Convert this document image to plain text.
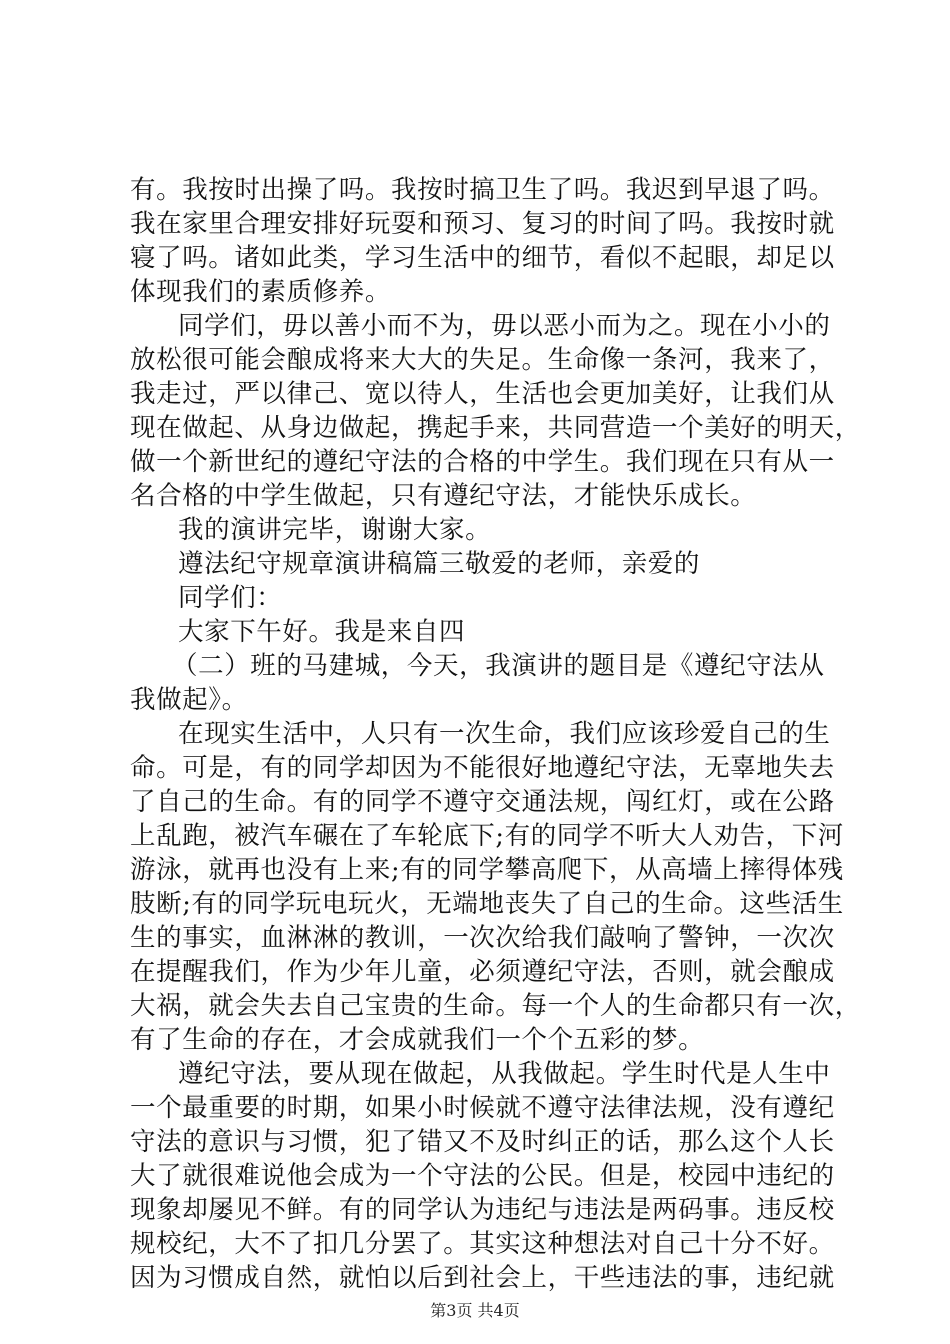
有。我按时出操了吗。我按时搞卫生了吗。我迟到早退了吗。
我在家里合理安排好玩耍和预习、复习的时间了吗。我按时就
寝了吗。诸如此类，学习生活中的细节，看似不起眼，却足以
体现我们的素质修养。
同学们，毋以善小而不为，毋以恶小而为之。现在小小的
放松很可能会酿成将来大大的失足。生命像一条河，我来了，
我走过，严以律己、宽以待人，生活也会更加美好，让我们从
现在做起、从身边做起，携起手来，共同营造一个美好的明天，
做一个新世纪的遵纪守法的合格的中学生。我们现在只有从一
名合格的中学生做起，只有遵纪守法，才能快乐成长。
我的演讲完毕，谢谢大家。
遵法纪守规章演讲稿篇三敬爱的老师，亲爱的
同学们：
大家下午好。我是来自四
（二）班的马建城，今天，我演讲的题目是《遵纪守法从
我做起》。
在现实生活中，人只有一次生命，我们应该珍爱自己的生
命。可是，有的同学却因为不能很好地遵纪守法，无辜地失去
了自己的生命。有的同学不遵守交通法规，闯红灯，或在公路
上乱跑，被汽车碾在了车轮底下;有的同学不听大人劝告，下河
游泳，就再也没有上来;有的同学攀高爬下，从高墙上摔得体残
肢断;有的同学玩电玩火，无端地丧失了自己的生命。这些活生
生的事实，血淋淋的教训，一次次给我们敲响了警钟，一次次
在提醒我们，作为少年儿童，必须遵纪守法，否则，就会酿成
大祸，就会失去自己宝贵的生命。每一个人的生命都只有一次，
有了生命的存在，才会成就我们一个个五彩的梦。
遵纪守法，要从现在做起，从我做起。学生时代是人生中
一个最重要的时期，如果小时候就不遵守法律法规，没有遵纪
守法的意识与习惯，犯了错又不及时纠正的话，那么这个人长
大了就很难说他会成为一个守法的公民。但是，校园中违纪的
现象却屡见不鲜。有的同学认为违纪与违法是两码事。违反校
规校纪，大不了扣几分罢了。其实这种想法对自己十分不好。
因为习惯成自然，就怕以后到社会上，干些违法的事，违纪就
第3页 共4页
